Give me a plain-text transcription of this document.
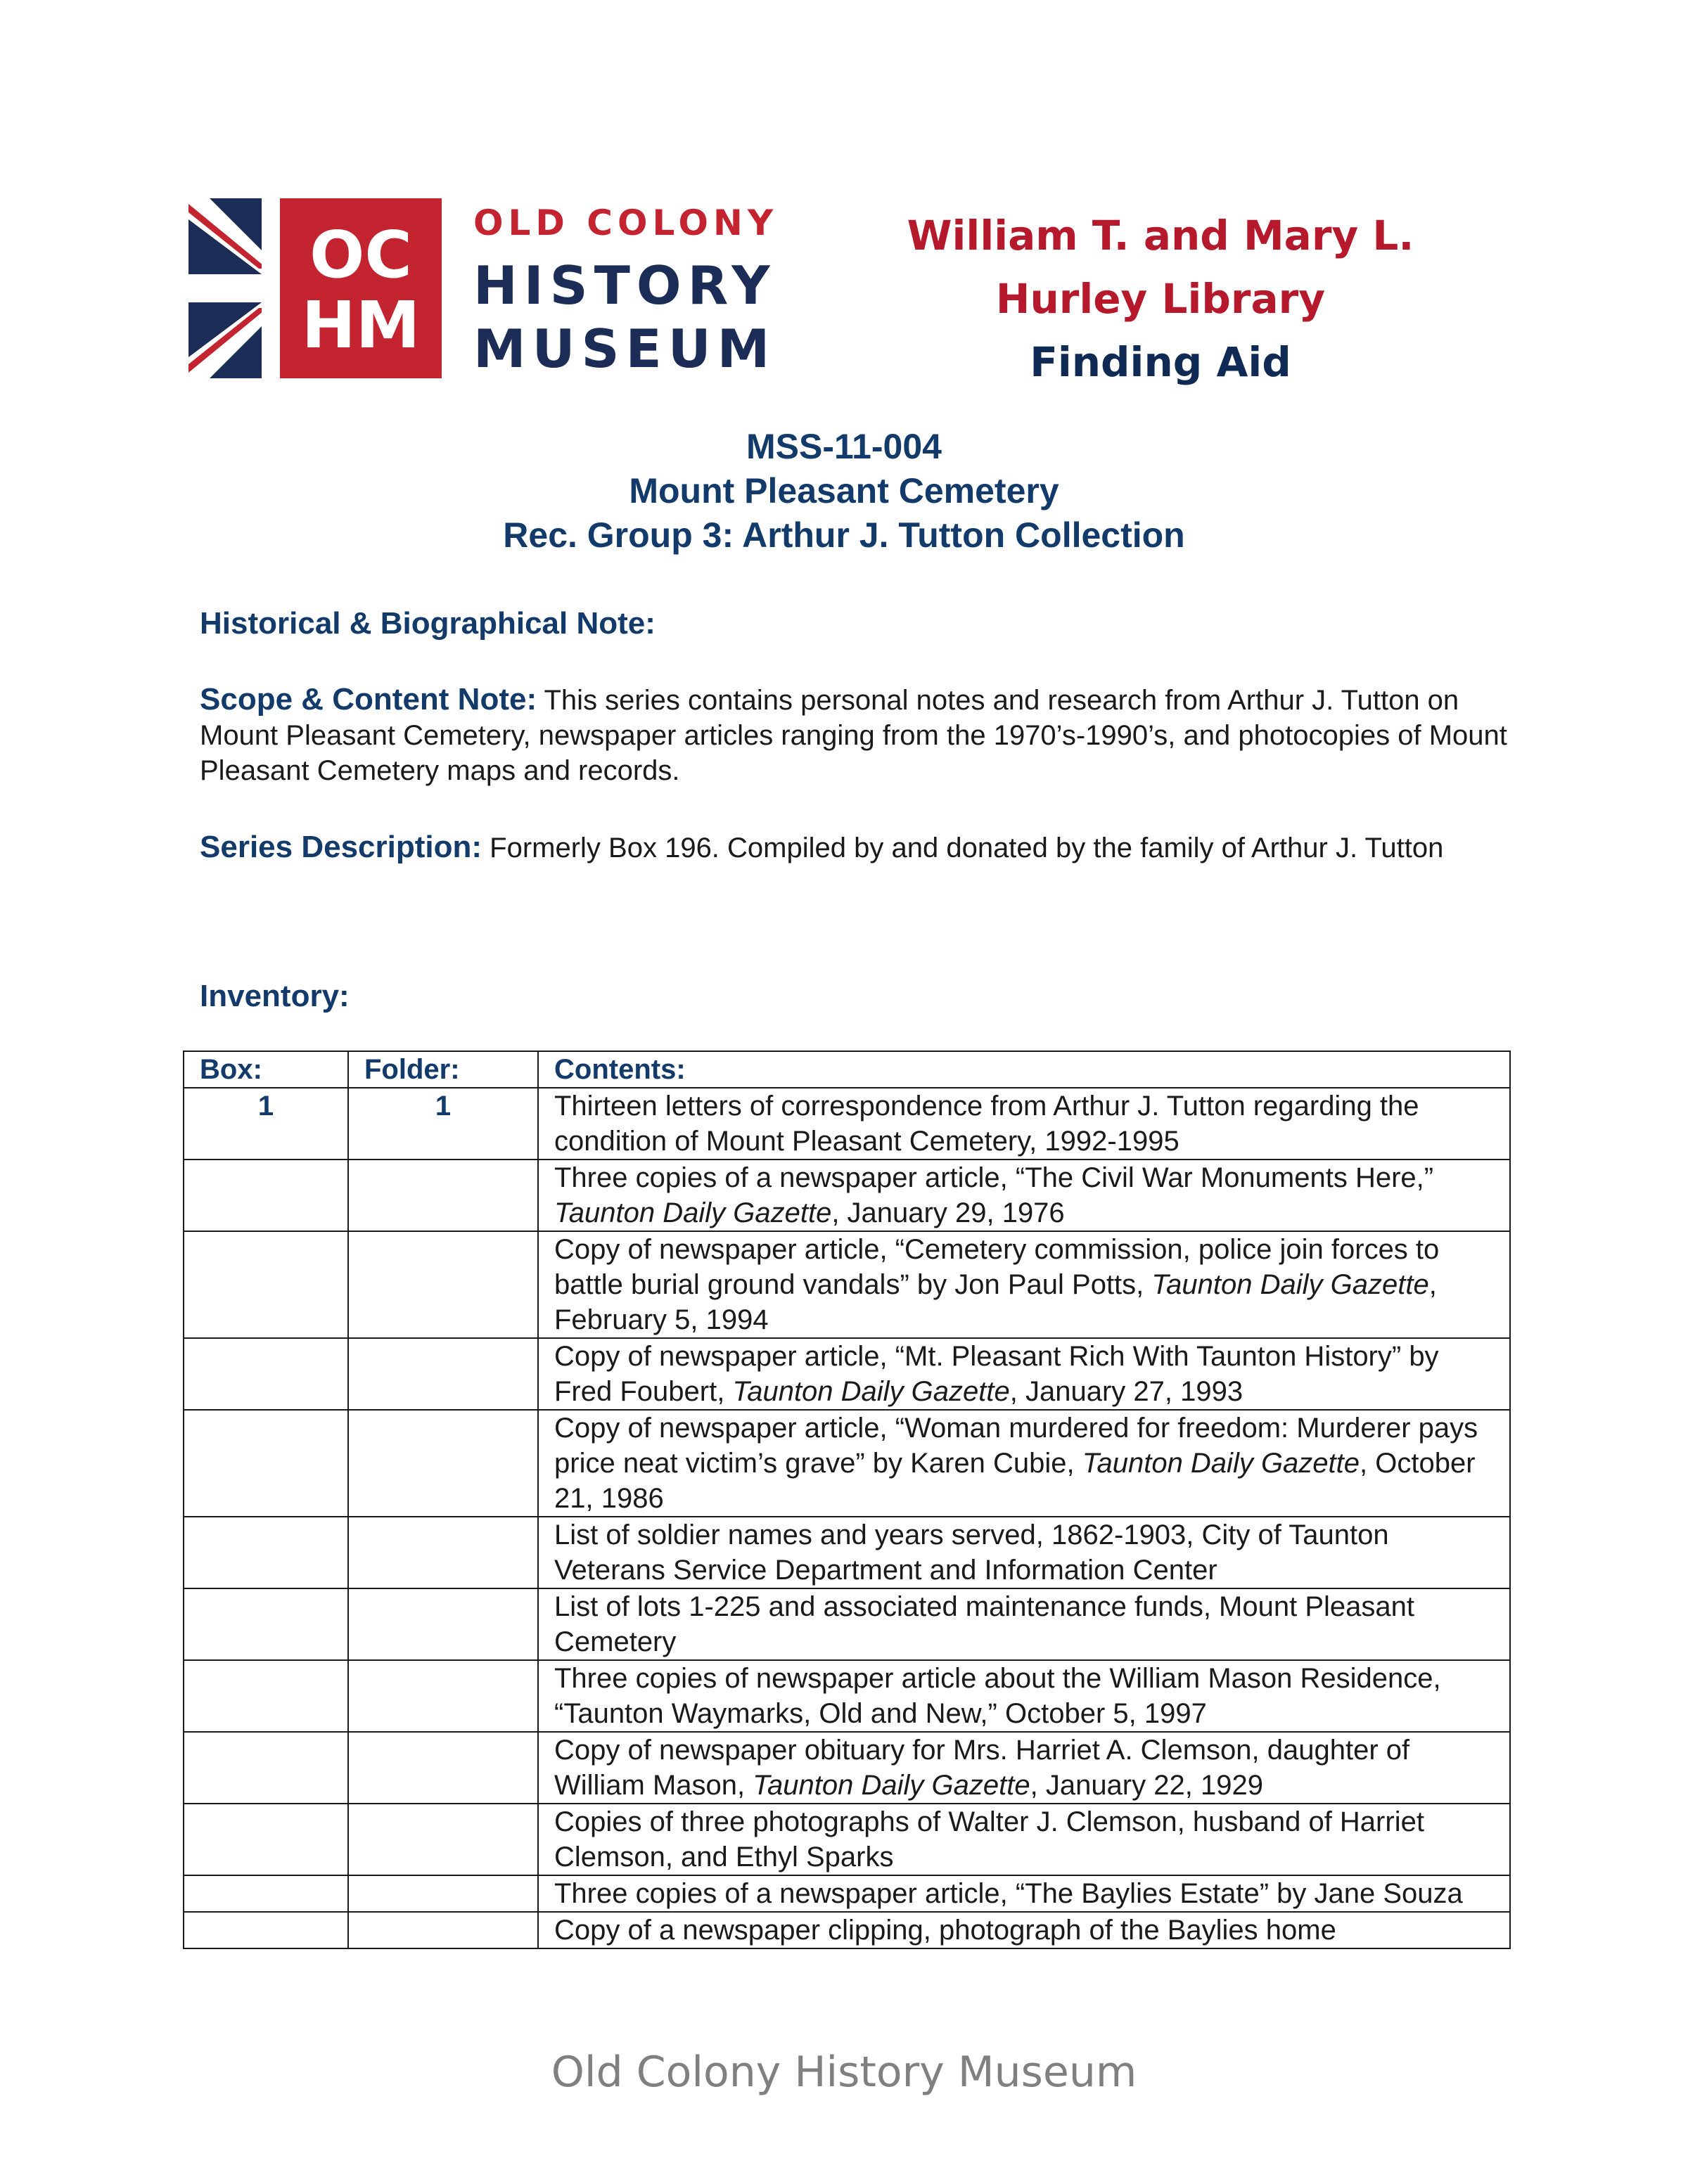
OC
HM
OLD COLONY
HISTORY
MUSEUM
William T. and Mary L.
Hurley Library
Finding Aid
MSS-11-004
Mount Pleasant Cemetery
Rec. Group 3: Arthur J. Tutton Collection
Historical & Biographical Note:
Scope & Content Note: This series contains personal notes and research from Arthur J. Tutton on Mount Pleasant Cemetery, newspaper articles ranging from the 1970’s-1990’s, and photocopies of Mount Pleasant Cemetery maps and records.
Series Description: Formerly Box 196. Compiled by and donated by the family of Arthur J. Tutton
Inventory:
Box:	Folder:	Contents:
1	1	Thirteen letters of correspondence from Arthur J. Tutton regarding the condition of Mount Pleasant Cemetery, 1992-1995
		Three copies of a newspaper article, “The Civil War Monuments Here,” Taunton Daily Gazette, January 29, 1976
		Copy of newspaper article, “Cemetery commission, police join forces to battle burial ground vandals” by Jon Paul Potts, Taunton Daily Gazette, February 5, 1994
		Copy of newspaper article, “Mt. Pleasant Rich With Taunton History” by Fred Foubert, Taunton Daily Gazette, January 27, 1993
		Copy of newspaper article, “Woman murdered for freedom: Murderer pays price neat victim’s grave” by Karen Cubie, Taunton Daily Gazette, October 21, 1986
		List of soldier names and years served, 1862-1903, City of Taunton Veterans Service Department and Information Center
		List of lots 1-225 and associated maintenance funds, Mount Pleasant Cemetery
		Three copies of newspaper article about the William Mason Residence, “Taunton Waymarks, Old and New,” October 5, 1997
		Copy of newspaper obituary for Mrs. Harriet A. Clemson, daughter of William Mason, Taunton Daily Gazette, January 22, 1929
		Copies of three photographs of Walter J. Clemson, husband of Harriet Clemson, and Ethyl Sparks
		Three copies of a newspaper article, “The Baylies Estate” by Jane Souza
		Copy of a newspaper clipping, photograph of the Baylies home
Old Colony History Museum
